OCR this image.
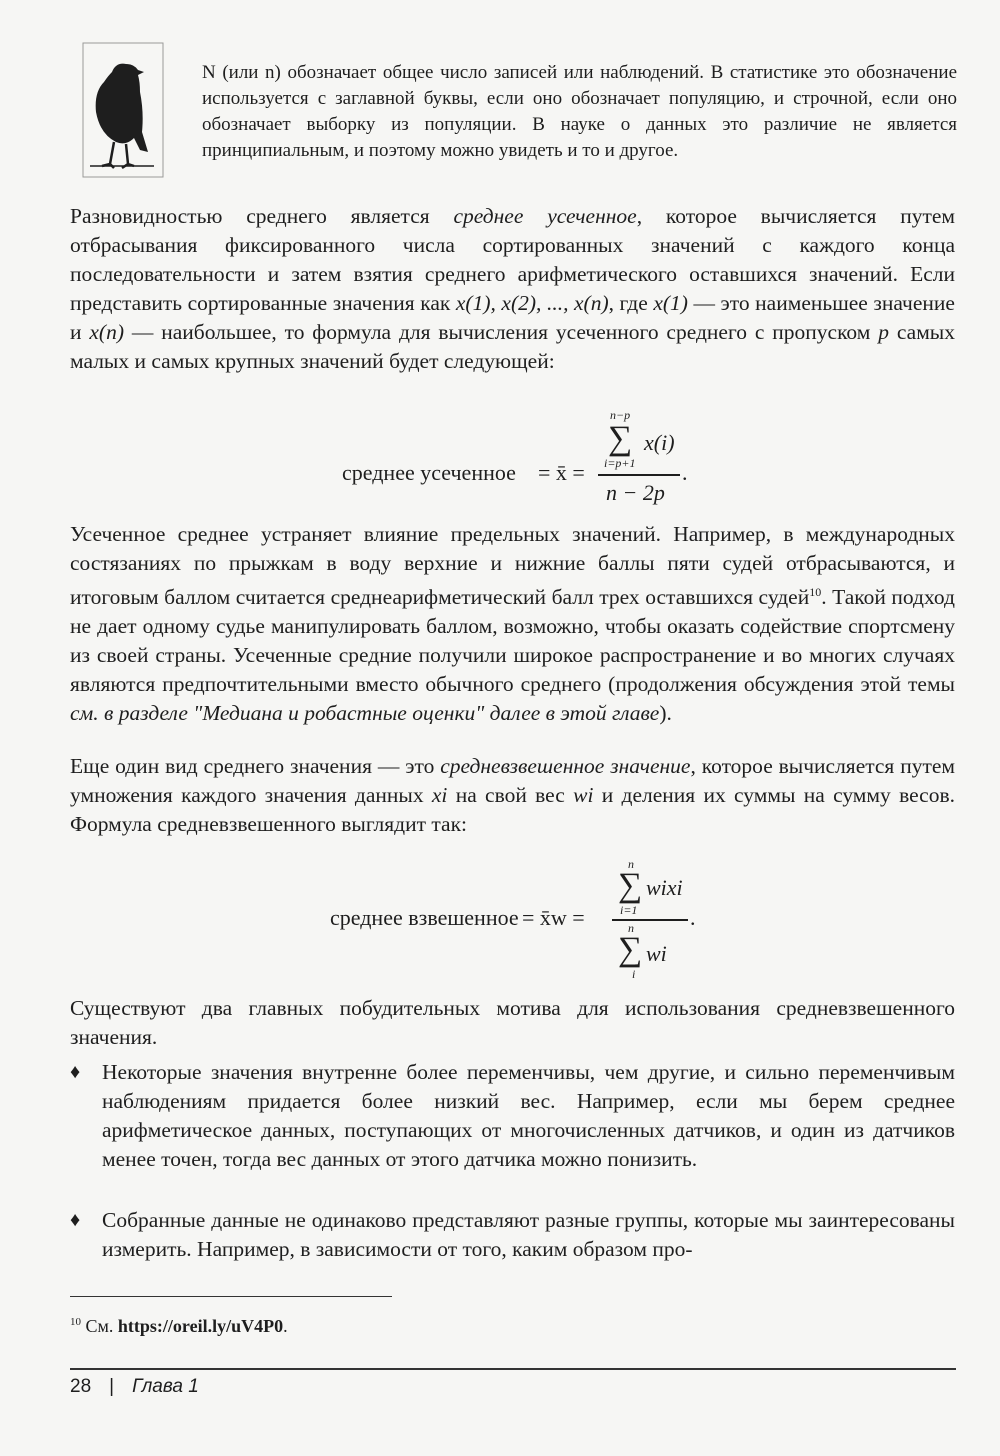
N (или n) обозначает общее число записей или наблюдений. В статистике это обозначение используется с заглавной буквы, если оно обозначает популяцию, и строчной, если оно обозначает выборку из популяции. В науке о данных это различие не является принципиальным, и поэтому можно увидеть и то и другое.

Разновидностью среднего является среднее усеченное, которое вычисляется путем отбрасывания фиксированного числа сортированных значений с каждого конца последовательности и затем взятия среднего арифметического оставшихся значений. Если представить сортированные значения как x(1), x(2), ..., x(n), где x(1) — это наименьшее значение и x(n) — наибольшее, то формула для вычисления усеченного среднего с пропуском p самых малых и самых крупных значений будет следующей:

среднее усеченное = x̄ =
n−p
∑ x(i)
i=p+1
n − 2p
.

Усеченное среднее устраняет влияние предельных значений. Например, в международных состязаниях по прыжкам в воду верхние и нижние баллы пяти судей отбрасываются, и итоговым баллом считается среднеарифметический балл трех оставшихся судей$^{10}$. Такой подход не дает одному судье манипулировать баллом, возможно, чтобы оказать содействие спортсмену из своей страны. Усеченные средние получили широкое распространение и во многих случаях являются предпочтительными вместо обычного среднего (продолжения обсуждения этой темы см. в разделе "Медиана и робастные оценки" далее в этой главе).

Еще один вид среднего значения — это средневзвешенное значение, которое вычисляется путем умножения каждого значения данных xi на свой вес wi и деления их суммы на сумму весов. Формула средневзвешенного выглядит так:

среднее взвешенное = x̄w =
n
∑ wixi
i=1
n
∑ wi
i
.

Существуют два главных побудительных мотива для использования средневзвешенного значения.

♦ Некоторые значения внутренне более переменчивы, чем другие, и сильно переменчивым наблюдениям придается более низкий вес. Например, если мы берем среднее арифметическое данных, поступающих от многочисленных датчиков, и один из датчиков менее точен, тогда вес данных от этого датчика можно понизить.
♦ Собранные данные не одинаково представляют разные группы, которые мы заинтересованы измерить. Например, в зависимости от того, каким образом про-
$^{10}$ См. https://oreil.ly/uV4P0.
28 | Глава 1
